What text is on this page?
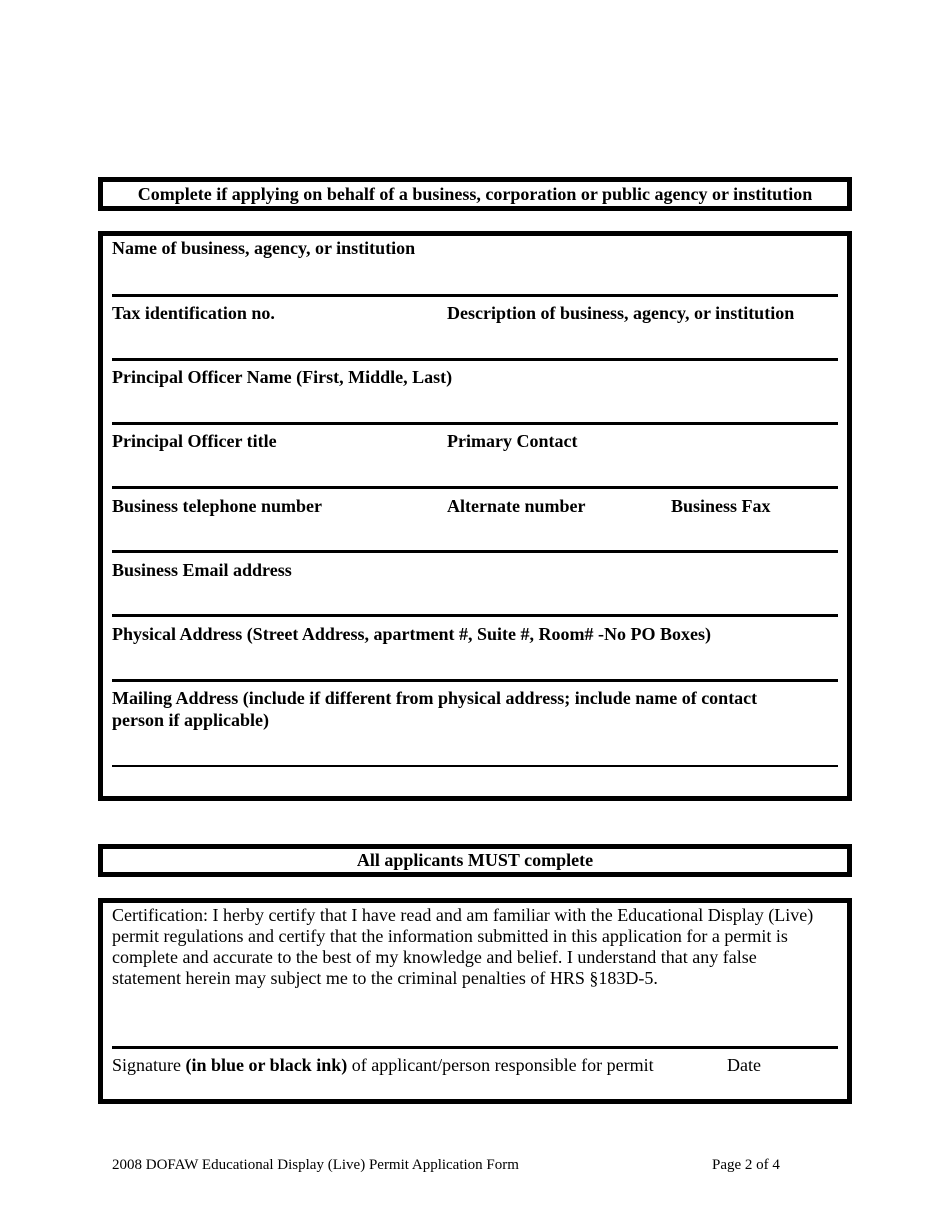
Complete if applying on behalf of a business, corporation or public agency or institution
Name of business, agency, or institution
Tax identification no.	Description of business, agency, or institution
Principal Officer Name (First, Middle, Last)
Principal Officer title	Primary Contact
Business telephone number	Alternate number	Business Fax
Business Email address
Physical Address (Street Address, apartment #, Suite #, Room# -No PO Boxes)
Mailing Address (include if different from physical address; include name of contact person if applicable)
All applicants MUST complete
Certification: I herby certify that I have read and am familiar with the Educational Display (Live) permit regulations and certify that the information submitted in this application for a permit is complete and accurate to the best of my knowledge and belief. I understand that any false statement herein may subject me to the criminal penalties of HRS §183D-5.
Signature (in blue or black ink) of applicant/person responsible for permit	Date
2008 DOFAW Educational Display (Live) Permit Application Form	Page 2 of 4
